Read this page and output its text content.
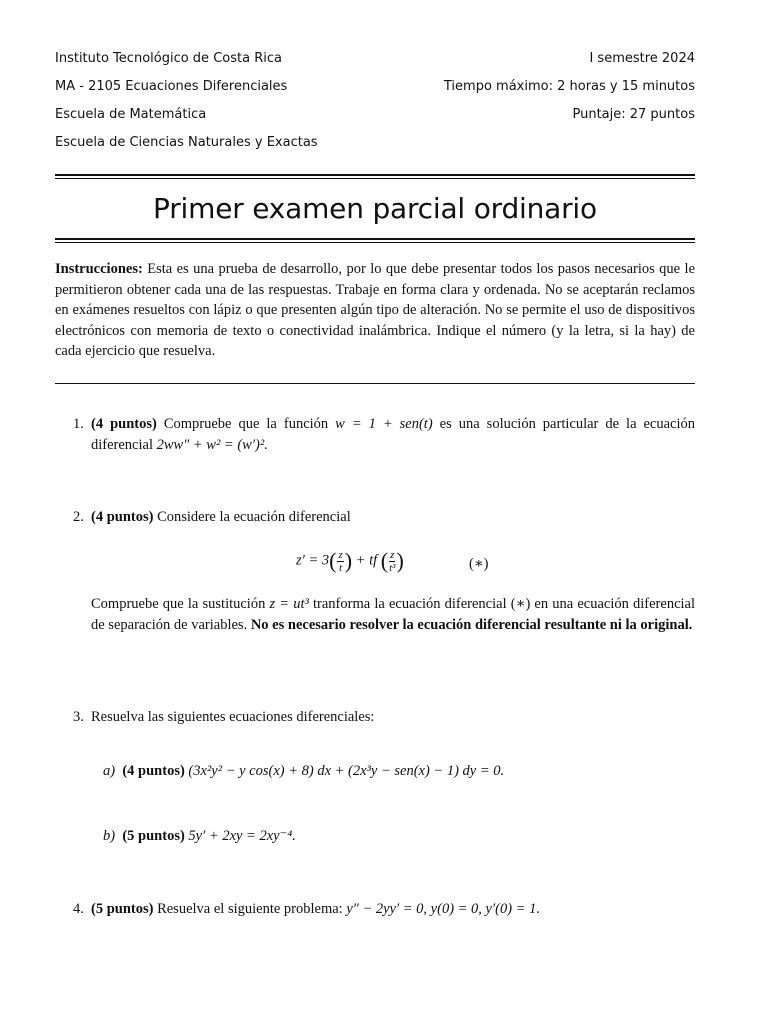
Instituto Tecnológico de Costa Rica
MA - 2105 Ecuaciones Diferenciales
Escuela de Matemática
Escuela de Ciencias Naturales y Exactas
I semestre 2024
Tiempo máximo: 2 horas y 15 minutos
Puntaje: 27 puntos
Primer examen parcial ordinario
Instrucciones: Esta es una prueba de desarrollo, por lo que debe presentar todos los pasos necesarios que le permitieron obtener cada una de las respuestas. Trabaje en forma clara y ordenada. No se aceptarán reclamos en exámenes resueltos con lápiz o que presenten algún tipo de alteración. No se permite el uso de dispositivos electrónicos con memoria de texto o conectividad inalámbrica. Indique el número (y la letra, si la hay) de cada ejercicio que resuelva.
1. (4 puntos) Compruebe que la función w = 1 + sen(t) es una solución particular de la ecuación diferencial 2ww″ + w² = (w′)².
2. (4 puntos) Considere la ecuación diferencial
$z' = 3( \frac{z}{t}$ ) + tf ( $\frac{z}{\text{t³}}$ )	(∗)
Compruebe que la sustitución z = ut³ tranforma la ecuación diferencial (∗) en una ecuación diferencial de separación de variables. No es necesario resolver la ecuación diferencial resultante ni la original.
3. Resuelva las siguientes ecuaciones diferenciales:
a) (4 puntos) (3x²y² − y cos(x) + 8) dx + (2x³y − sen(x) − 1) dy = 0.
b) (5 puntos) 5y′ + 2xy = 2xy⁻⁴.
4. (5 puntos) Resuelva el siguiente problema: y″ − 2yy′ = 0, y(0) = 0, y′(0) = 1.
